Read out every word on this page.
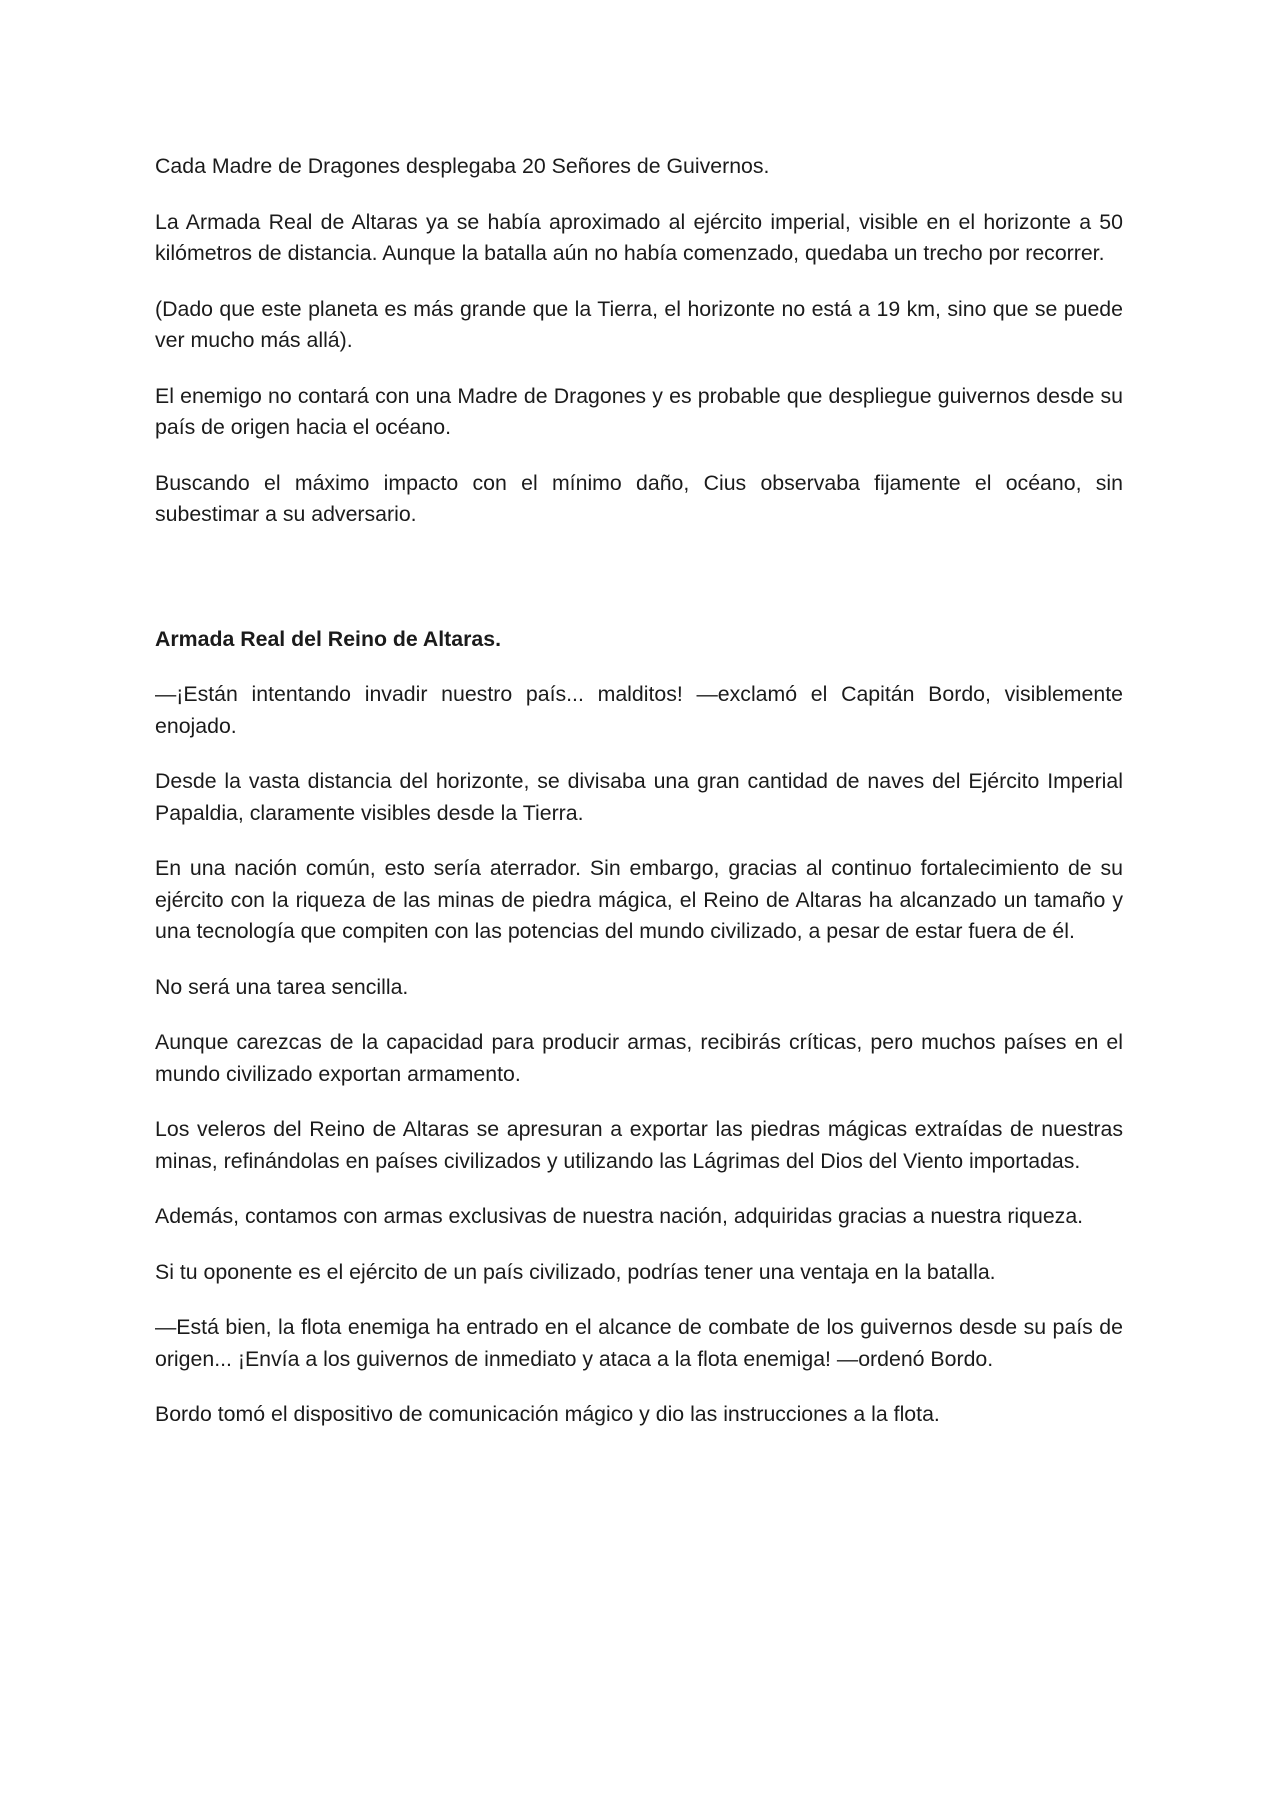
Cada Madre de Dragones desplegaba 20 Señores de Guivernos.

La Armada Real de Altaras ya se había aproximado al ejército imperial, visible en el horizonte a 50 kilómetros de distancia. Aunque la batalla aún no había comenzado, quedaba un trecho por recorrer.

(Dado que este planeta es más grande que la Tierra, el horizonte no está a 19 km, sino que se puede ver mucho más allá).

El enemigo no contará con una Madre de Dragones y es probable que despliegue guivernos desde su país de origen hacia el océano.

Buscando el máximo impacto con el mínimo daño, Cius observaba fijamente el océano, sin subestimar a su adversario.

Armada Real del Reino de Altaras.

—¡Están intentando invadir nuestro país... malditos! —exclamó el Capitán Bordo, visiblemente enojado.

Desde la vasta distancia del horizonte, se divisaba una gran cantidad de naves del Ejército Imperial Papaldia, claramente visibles desde la Tierra.

En una nación común, esto sería aterrador. Sin embargo, gracias al continuo fortalecimiento de su ejército con la riqueza de las minas de piedra mágica, el Reino de Altaras ha alcanzado un tamaño y una tecnología que compiten con las potencias del mundo civilizado, a pesar de estar fuera de él.

No será una tarea sencilla.

Aunque carezcas de la capacidad para producir armas, recibirás críticas, pero muchos países en el mundo civilizado exportan armamento.

Los veleros del Reino de Altaras se apresuran a exportar las piedras mágicas extraídas de nuestras minas, refinándolas en países civilizados y utilizando las Lágrimas del Dios del Viento importadas.

Además, contamos con armas exclusivas de nuestra nación, adquiridas gracias a nuestra riqueza.

Si tu oponente es el ejército de un país civilizado, podrías tener una ventaja en la batalla.

—Está bien, la flota enemiga ha entrado en el alcance de combate de los guivernos desde su país de origen... ¡Envía a los guivernos de inmediato y ataca a la flota enemiga! —ordenó Bordo.

Bordo tomó el dispositivo de comunicación mágico y dio las instrucciones a la flota.
